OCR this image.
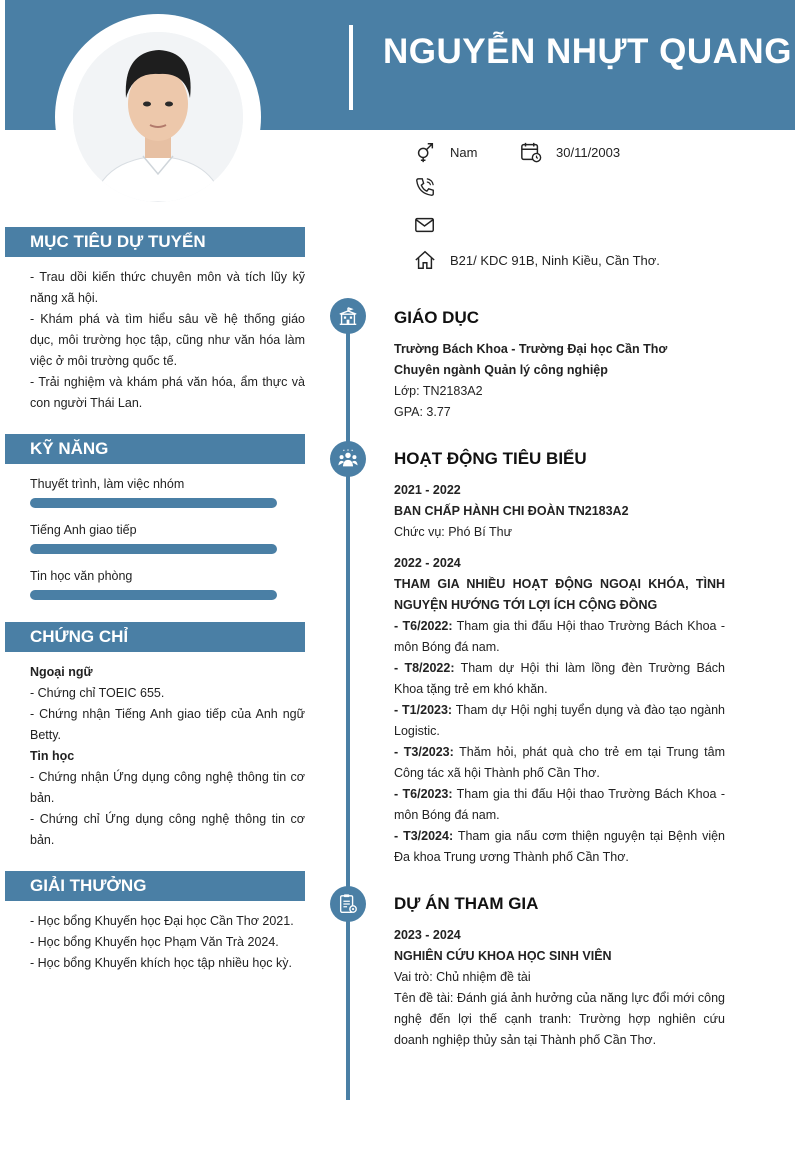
NGUYỄN NHỰT QUANG
Nam	30/11/2003
B21/ KDC 91B, Ninh Kiều, Cần Thơ.
MỤC TIÊU DỰ TUYỂN

- Trau dồi kiến thức chuyên môn và tích lũy kỹ năng xã hội.

- Khám phá và tìm hiểu sâu về hệ thống giáo dục, môi trường học tập, cũng như văn hóa làm việc ở môi trường quốc tế.

- Trải nghiệm và khám phá văn hóa, ẩm thực và con người Thái Lan.

KỸ NĂNG
Thuyết trình, làm việc nhóm
Tiếng Anh giao tiếp
Tin học văn phòng
CHỨNG CHỈ

Ngoại ngữ

- Chứng chỉ TOEIC 655.

- Chứng nhận Tiếng Anh giao tiếp của Anh ngữ Betty.

Tin học

- Chứng nhận Ứng dụng công nghệ thông tin cơ bản.

- Chứng chỉ Ứng dụng công nghệ thông tin cơ bản.

GIẢI THƯỞNG

- Học bổng Khuyến học Đại học Cần Thơ 2021.

- Học bổng Khuyến học Phạm Văn Trà 2024.

- Học bổng Khuyến khích học tập nhiều học kỳ.

GIÁO DỤC

Trường Bách Khoa - Trường Đại học Cần Thơ

Chuyên ngành Quản lý công nghiệp

Lớp: TN2183A2

GPA: 3.77

HOẠT ĐỘNG TIÊU BIỂU

2021 - 2022

BAN CHẤP HÀNH CHI ĐOÀN TN2183A2

Chức vụ: Phó Bí Thư

2022 - 2024

THAM GIA NHIỀU HOẠT ĐỘNG NGOẠI KHÓA, TÌNH NGUYỆN HƯỚNG TỚI LỢI ÍCH CỘNG ĐỒNG

- T6/2022: Tham gia thi đấu Hội thao Trường Bách Khoa - môn Bóng đá nam.

- T8/2022: Tham dự Hội thi làm lồng đèn Trường Bách Khoa tặng trẻ em khó khăn.

- T1/2023: Tham dự Hội nghị tuyển dụng và đào tạo ngành Logistic.

- T3/2023: Thăm hỏi, phát quà cho trẻ em tại Trung tâm Công tác xã hội Thành phố Cần Thơ.

- T6/2023: Tham gia thi đấu Hội thao Trường Bách Khoa - môn Bóng đá nam.

- T3/2024: Tham gia nấu cơm thiện nguyện tại Bệnh viện Đa khoa Trung ương Thành phố Cần Thơ.

DỰ ÁN THAM GIA

2023 - 2024

NGHIÊN CỨU KHOA HỌC SINH VIÊN

Vai trò: Chủ nhiệm đề tài

Tên đề tài: Đánh giá ảnh hưởng của năng lực đổi mới công nghệ đến lợi thế cạnh tranh: Trường hợp nghiên cứu doanh nghiệp thủy sản tại Thành phố Cần Thơ.
